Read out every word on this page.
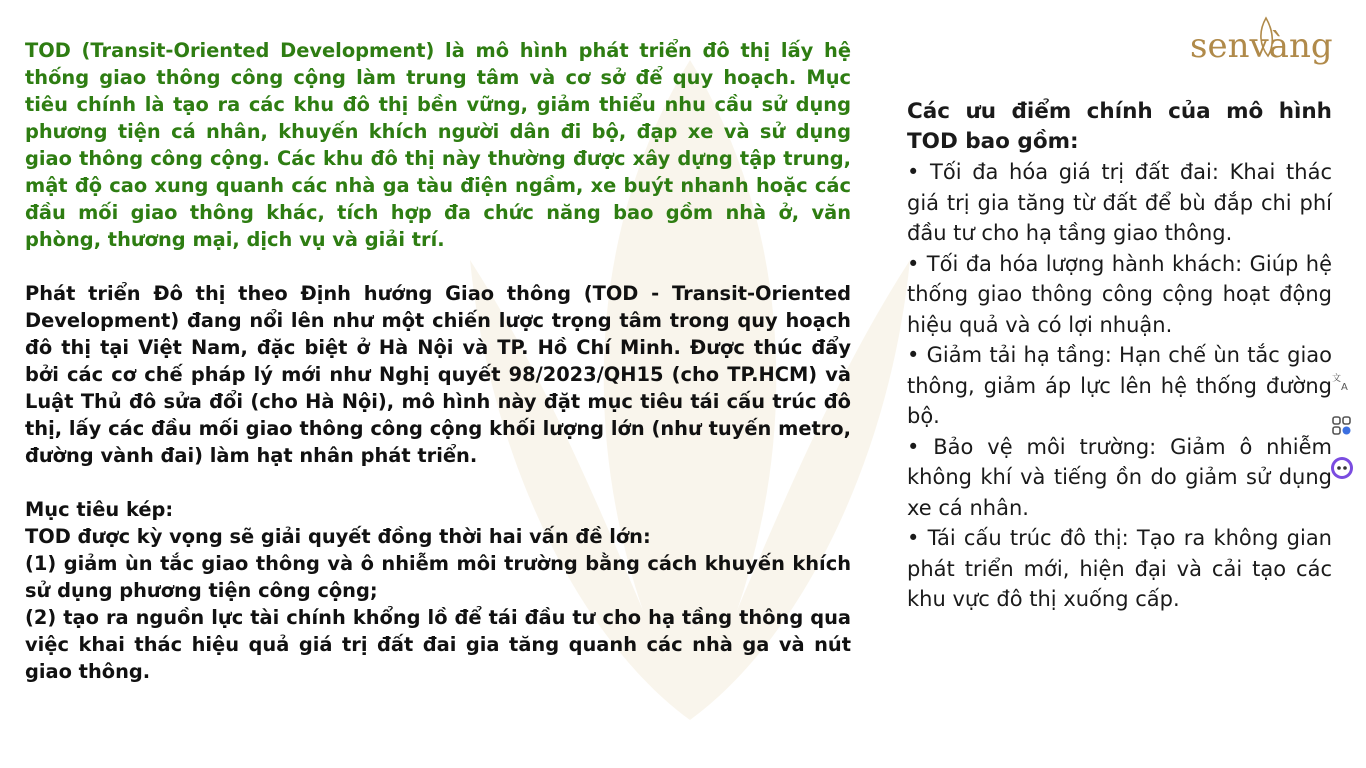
senvàng

TOD (Transit-Oriented Development) là mô hình phát triển đô thị lấy hệ thống giao thông công cộng làm trung tâm và cơ sở để quy hoạch. Mục tiêu chính là tạo ra các khu đô thị bền vững, giảm thiểu nhu cầu sử dụng phương tiện cá nhân, khuyến khích người dân đi bộ, đạp xe và sử dụng giao thông công cộng. Các khu đô thị này thường được xây dựng tập trung, mật độ cao xung quanh các nhà ga tàu điện ngầm, xe buýt nhanh hoặc các đầu mối giao thông khác, tích hợp đa chức năng bao gồm nhà ở, văn phòng, thương mại, dịch vụ và giải trí.

Phát triển Đô thị theo Định hướng Giao thông (TOD - Transit-Oriented Development) đang nổi lên như một chiến lược trọng tâm trong quy hoạch đô thị tại Việt Nam, đặc biệt ở Hà Nội và TP. Hồ Chí Minh. Được thúc đẩy bởi các cơ chế pháp lý mới như Nghị quyết 98/2023/QH15 (cho TP.HCM) và Luật Thủ đô sửa đổi (cho Hà Nội), mô hình này đặt mục tiêu tái cấu trúc đô thị, lấy các đầu mối giao thông công cộng khối lượng lớn (như tuyến metro, đường vành đai) làm hạt nhân phát triển.

Mục tiêu kép:

TOD được kỳ vọng sẽ giải quyết đồng thời hai vấn đề lớn:

(1) giảm ùn tắc giao thông và ô nhiễm môi trường bằng cách khuyến khích sử dụng phương tiện công cộng;

(2) tạo ra nguồn lực tài chính khổng lồ để tái đầu tư cho hạ tầng thông qua việc khai thác hiệu quả giá trị đất đai gia tăng quanh các nhà ga và nút giao thông.

Các ưu điểm chính của mô hình TOD bao gồm:

• Tối đa hóa giá trị đất đai: Khai thác giá trị gia tăng từ đất để bù đắp chi phí đầu tư cho hạ tầng giao thông.
• Tối đa hóa lượng hành khách: Giúp hệ thống giao thông công cộng hoạt động hiệu quả và có lợi nhuận.
• Giảm tải hạ tầng: Hạn chế ùn tắc giao thông, giảm áp lực lên hệ thống đường bộ.
• Bảo vệ môi trường: Giảm ô nhiễm không khí và tiếng ồn do giảm sử dụng xe cá nhân.
• Tái cấu trúc đô thị: Tạo ra không gian phát triển mới, hiện đại và cải tạo các khu vực đô thị xuống cấp.
文
A
